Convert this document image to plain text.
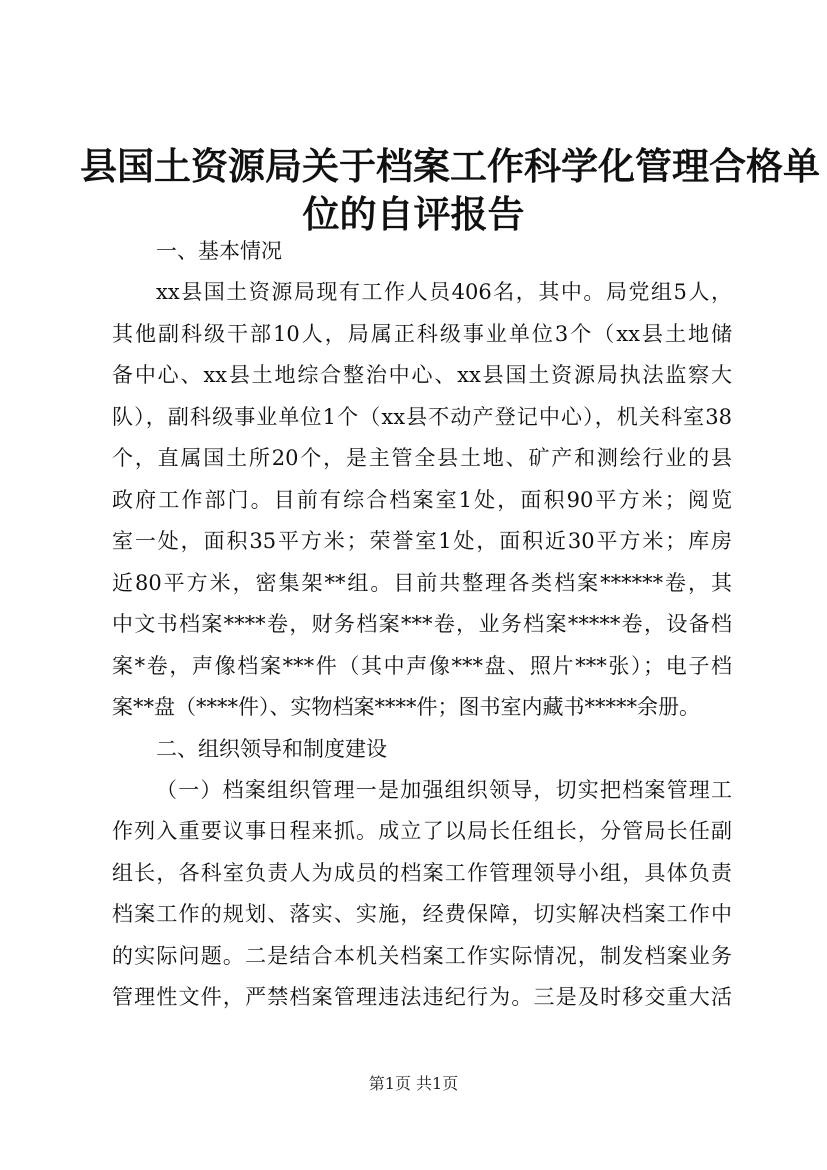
县国土资源局关于档案工作科学化管理合格单
位的自评报告

一、基本情况

xx县国土资源局现有工作人员406名，其中。局党组5人，
其他副科级干部10人，局属正科级事业单位3个（xx县土地储
备中心、xx县土地综合整治中心、xx县国土资源局执法监察大
队），副科级事业单位1个（xx县不动产登记中心），机关科室38
个，直属国土所20个，是主管全县土地、矿产和测绘行业的县
政府工作部门。目前有综合档案室1处，面积90平方米；阅览
室一处，面积35平方米；荣誉室1处，面积近30平方米；库房
近80平方米，密集架**组。目前共整理各类档案******卷，其
中文书档案****卷，财务档案***卷，业务档案*****卷，设备档
案*卷，声像档案***件（其中声像***盘、照片***张）；电子档
案**盘（****件）、实物档案****件；图书室内藏书*****余册。

二、组织领导和制度建设

（一）档案组织管理一是加强组织领导，切实把档案管理工
作列入重要议事日程来抓。成立了以局长任组长，分管局长任副
组长，各科室负责人为成员的档案工作管理领导小组，具体负责
档案工作的规划、落实、实施，经费保障，切实解决档案工作中
的实际问题。二是结合本机关档案工作实际情况，制发档案业务
管理性文件，严禁档案管理违法违纪行为。三是及时移交重大活

第1页 共1页
